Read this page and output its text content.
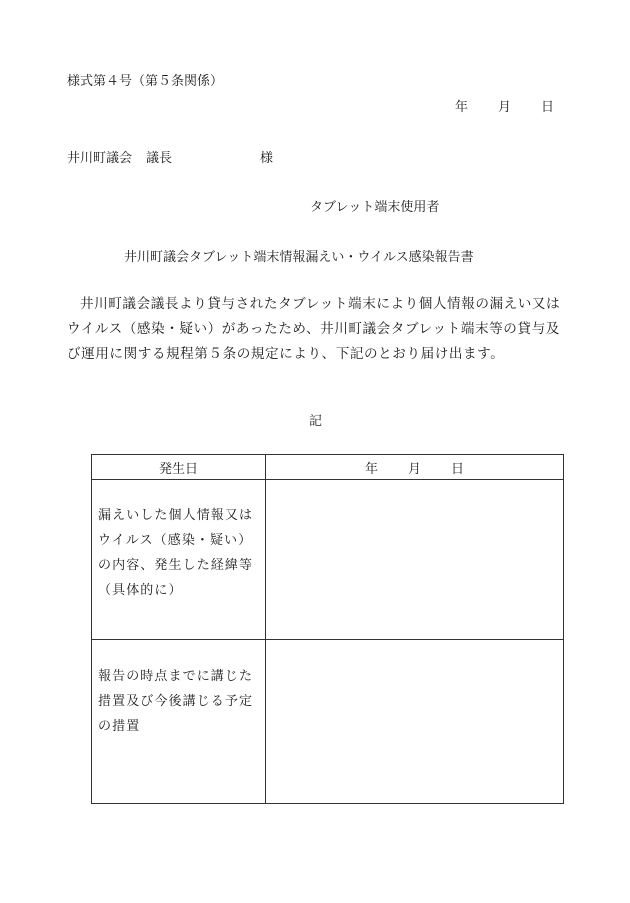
様式第４号（第５条関係）
年 月 日
井川町議会 議長	様
タブレット端末使用者
井川町議会タブレット端末情報漏えい・ウイルス感染報告書

井川町議会議長より貸与されたタブレット端末により個人情報の漏えい又はウイルス（感染・疑い）があったため、井川町議会タブレット端末等の貸与及び運用に関する規程第５条の規定により、下記のとおり届け出ます。

記
発生日	年 月 日

漏えいした個人情報又はウイルス（感染・疑い）の内容、発生した経緯等（具体的に）	

報告の時点までに講じた措置及び今後講じる予定の措置	
